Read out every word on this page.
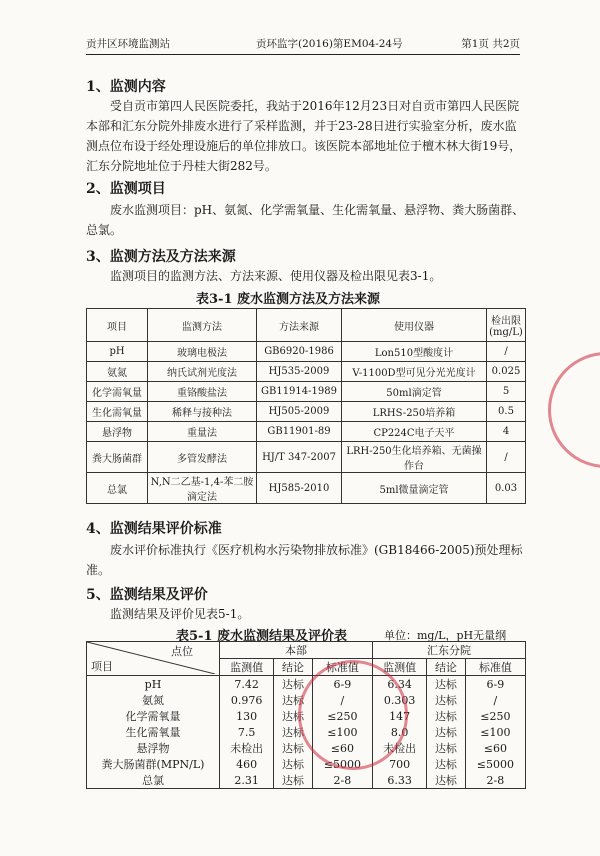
贡井区环境监测站	贡环监字(2016)第EM04-24号	第1页 共2页
1、监测内容
受自贡市第四人民医院委托，我站于2016年12月23日对自贡市第四人民医院本部和汇东分院外排废水进行了采样监测，并于23-28日进行实验室分析，废水监测点位布设于经处理设施后的单位排放口。该医院本部地址位于檀木林大街19号，汇东分院地址位于丹桂大街282号。
2、监测项目
废水监测项目：pH、氨氮、化学需氧量、生化需氧量、悬浮物、粪大肠菌群、总氯。
3、监测方法及方法来源
监测项目的监测方法、方法来源、使用仪器及检出限见表3-1。
表3-1 废水监测方法及方法来源
项目	监测方法	方法来源	使用仪器	检出限
(mg/L)
pH	玻璃电极法	GB6920-1986	Lon510型酸度计	/
氨氮	纳氏试剂光度法	HJ535-2009	V-1100D型可见分光光度计	0.025
化学需氧量	重铬酸盐法	GB11914-1989	50ml滴定管	5
生化需氧量	稀释与接种法	HJ505-2009	LRHS-250培养箱	0.5
悬浮物	重量法	GB11901-89	CP224C电子天平	4
粪大肠菌群	多管发酵法	HJ/T 347-2007	LRH-250生化培养箱、无菌操作台	/
总氯	N,N二乙基-1,4-苯二胺滴定法	HJ585-2010	5ml微量滴定管	0.03
4、监测结果评价标准
废水评价标准执行《医疗机构水污染物排放标准》(GB18466-2005)预处理标准。
5、监测结果及评价
监测结果及评价见表5-1。
表5-1 废水监测结果及评价表	单位：mg/L，pH无量纲
点位
项目	本部			汇东分院		
	监测值	结论	标准值	监测值	结论	标准值
pH	7.42	达标	6-9	6.34	达标	6-9
氨氮	0.976	达标	/	0.303	达标	/
化学需氧量	130	达标	≤250	147	达标	≤250
生化需氧量	7.5	达标	≤100	8.0	达标	≤100
悬浮物	未检出	达标	≤60	未检出	达标	≤60
粪大肠菌群(MPN/L)	460	达标	≤5000	700	达标	≤5000
总氯	2.31	达标	2-8	6.33	达标	2-8
